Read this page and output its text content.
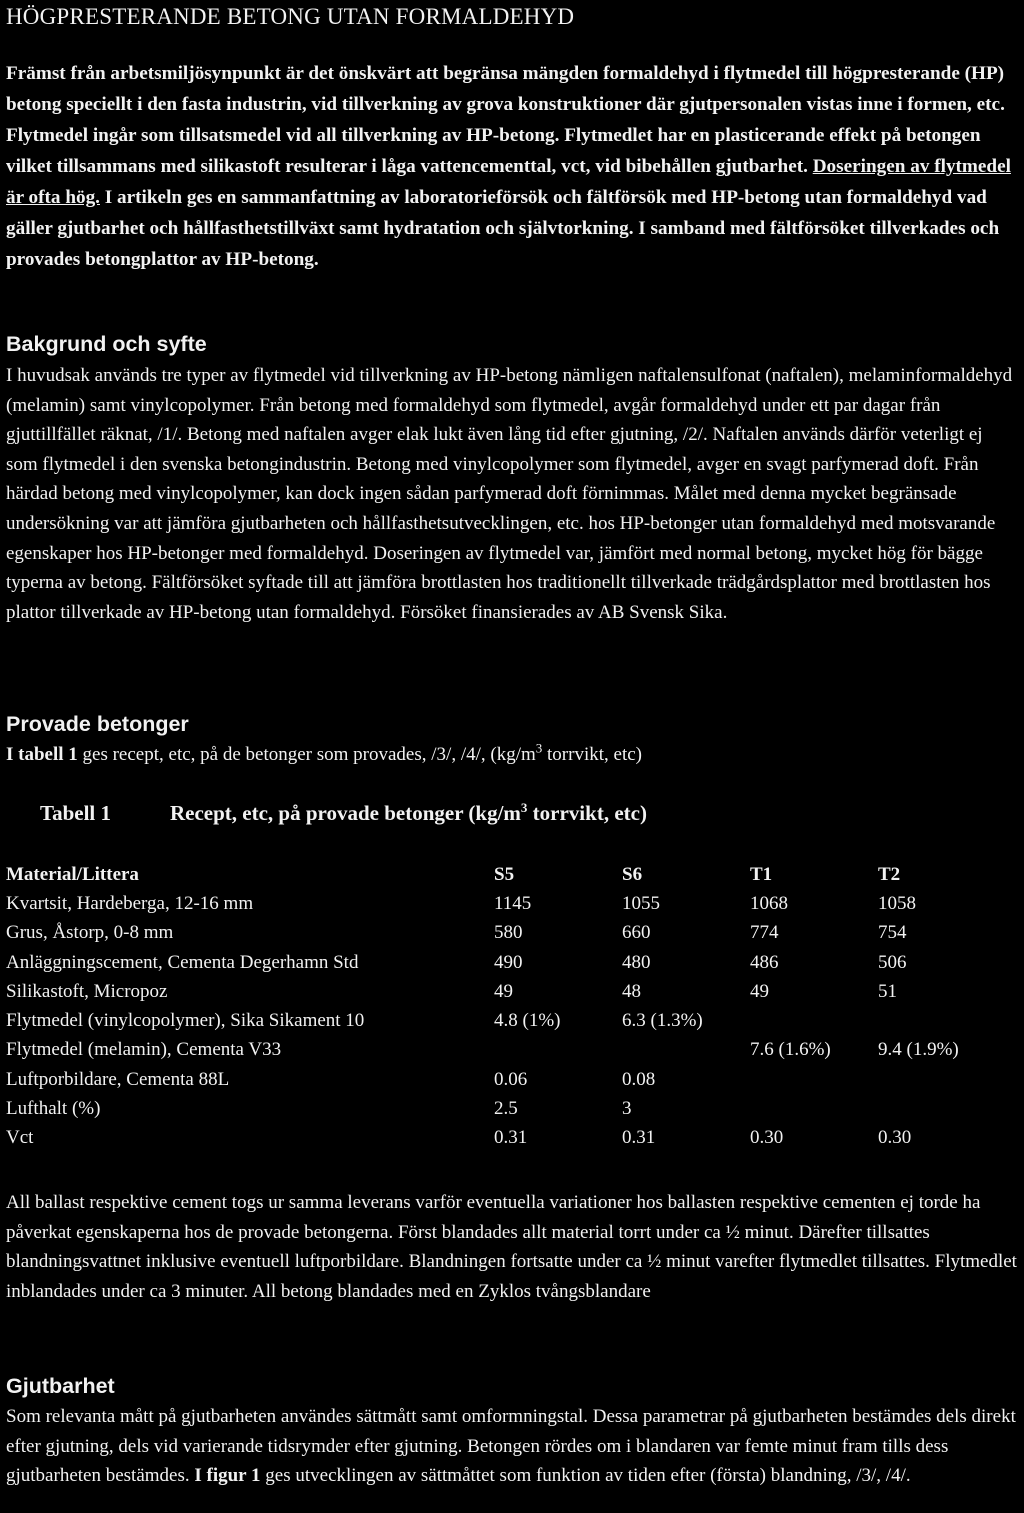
HÖGPRESTERANDE BETONG UTAN FORMALDEHYD

Främst från arbetsmiljösynpunkt är det önskvärt att begränsa mängden formaldehyd i flytmedel till högpresterande (HP) betong speciellt i den fasta industrin, vid tillverkning av grova konstruktioner där gjutpersonalen vistas inne i formen, etc. Flytmedel ingår som tillsatsmedel vid all tillverkning av HP-betong. Flytmedlet har en plasticerande effekt på betongen vilket tillsammans med silikastoft resulterar i låga vattencementtal, vct, vid bibehållen gjutbarhet. Doseringen av flytmedel är ofta hög. I artikeln ges en sammanfattning av laboratorieförsök och fältförsök med HP-betong utan formaldehyd vad gäller gjutbarhet och hållfasthetstillväxt samt hydratation och självtorkning. I samband med fältförsöket tillverkades och provades betongplattor av HP-betong.

Bakgrund och syfte

I huvudsak används tre typer av flytmedel vid tillverkning av HP-betong nämligen naftalensulfonat (naftalen), melaminformaldehyd (melamin) samt vinylcopolymer. Från betong med formaldehyd som flytmedel, avgår formaldehyd under ett par dagar från gjuttillfället räknat, /1/. Betong med naftalen avger elak lukt även lång tid efter gjutning, /2/. Naftalen används därför veterligt ej som flytmedel i den svenska betongindustrin. Betong med vinylcopolymer som flytmedel, avger en svagt parfymerad doft. Från härdad betong med vinylcopolymer, kan dock ingen sådan parfymerad doft förnimmas. Målet med denna mycket begränsade undersökning var att jämföra gjutbarheten och hållfasthetsutvecklingen, etc. hos HP-betonger utan formaldehyd med motsvarande egenskaper hos HP-betonger med formaldehyd. Doseringen av flytmedel var, jämfört med normal betong, mycket hög för bägge typerna av betong. Fältförsöket syftade till att jämföra brottlasten hos traditionellt tillverkade trädgårdsplattor med brottlasten hos plattor tillverkade av HP-betong utan formaldehyd. Försöket finansierades av AB Svensk Sika.

Provade betonger

I tabell 1 ges recept, etc, på de betonger som provades, /3/, /4/, ($kg/m^3$ torrvikt, etc)

Tabell 1	Recept, etc, på provade betonger ($kg/m^3$ torrvikt, etc)
Material/Littera	S5	S6	T1	T2
Kvartsit, Hardeberga, 12-16 mm	1145	1055	1068	1058
Grus, Åstorp, 0-8 mm	580	660	774	754
Anläggningscement, Cementa Degerhamn Std	490	480	486	506
Silikastoft, Micropoz	49	48	49	51
Flytmedel (vinylcopolymer), Sika Sikament 10	4.8 (1%)	6.3 (1.3%)		
Flytmedel (melamin), Cementa V33			7.6 (1.6%)	9.4 (1.9%)
Luftporbildare, Cementa 88L	0.06	0.08		
Lufthalt (%)	2.5	3		
Vct	0.31	0.31	0.30	0.30

All ballast respektive cement togs ur samma leverans varför eventuella variationer hos ballasten respektive cementen ej torde ha påverkat egenskaperna hos de provade betongerna. Först blandades allt material torrt under ca ½ minut. Därefter tillsattes blandningsvattnet inklusive eventuell luftporbildare. Blandningen fortsatte under ca ½ minut varefter flytmedlet tillsattes. Flytmedlet inblandades under ca 3 minuter. All betong blandades med en Zyklos tvångsblandare

Gjutbarhet

Som relevanta mått på gjutbarheten användes sättmått samt omformningstal. Dessa parametrar på gjutbarheten bestämdes dels direkt efter gjutning, dels vid varierande tidsrymder efter gjutning. Betongen rördes om i blandaren var femte minut fram tills dess gjutbarheten bestämdes. I figur 1 ges utvecklingen av sättmåttet som funktion av tiden efter (första) blandning, /3/, /4/.
